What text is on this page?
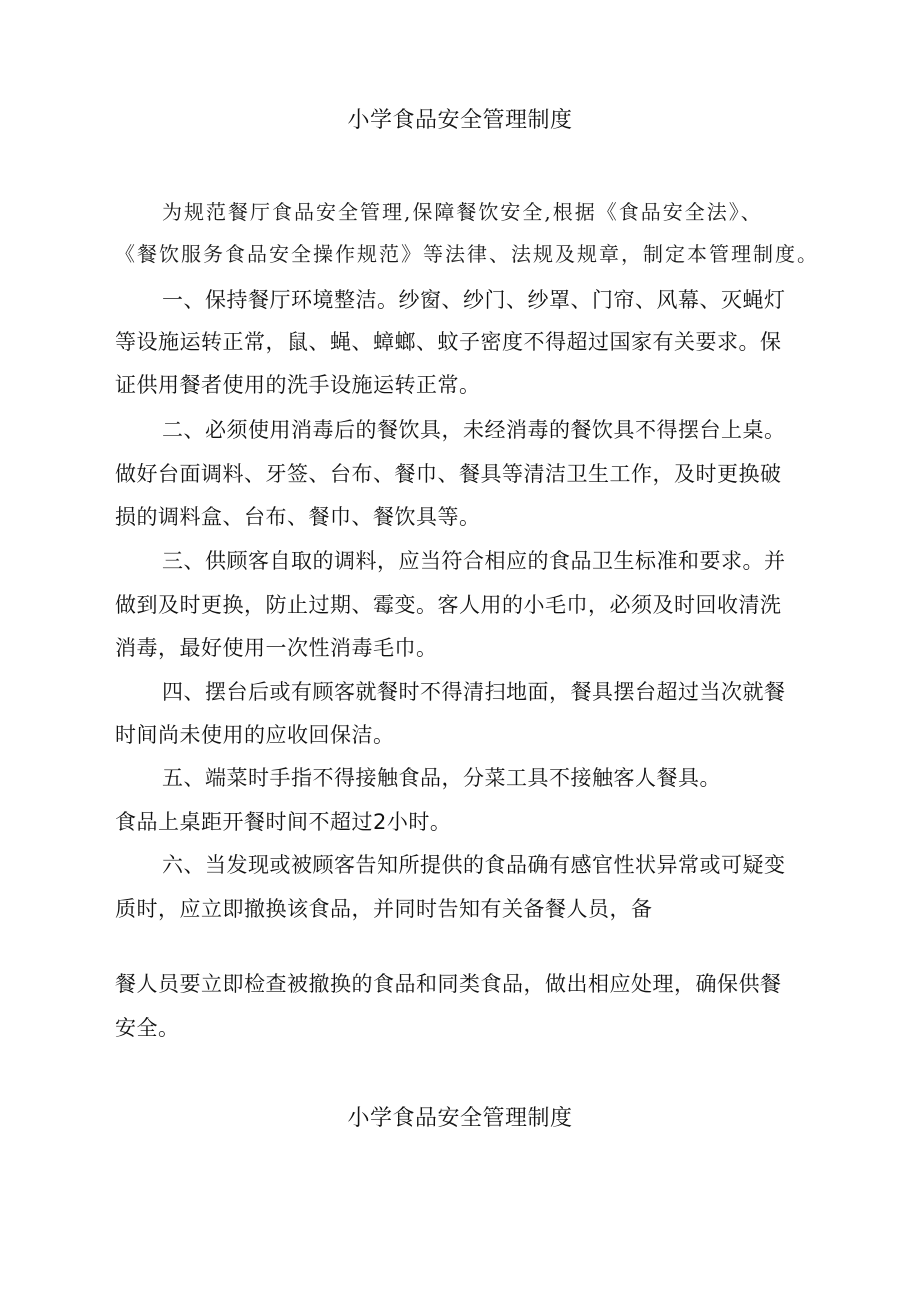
小学食品安全管理制度
为规范餐厅食品安全管理,保障餐饮安全,根据《食品安全法》、
《餐饮服务食品安全操作规范》等法律、法规及规章，制定本管理制度。
一、保持餐厅环境整洁。纱窗、纱门、纱罩、门帘、风幕、灭蝇灯
等设施运转正常，鼠、蝇、蟑螂、蚊子密度不得超过国家有关要求。保
证供用餐者使用的洗手设施运转正常。
二、必须使用消毒后的餐饮具，未经消毒的餐饮具不得摆台上桌。
做好台面调料、牙签、台布、餐巾、餐具等清洁卫生工作，及时更换破
损的调料盒、台布、餐巾、餐饮具等。
三、供顾客自取的调料，应当符合相应的食品卫生标准和要求。并
做到及时更换，防止过期、霉变。客人用的小毛巾，必须及时回收清洗
消毒，最好使用一次性消毒毛巾。
四、摆台后或有顾客就餐时不得清扫地面，餐具摆台超过当次就餐
时间尚未使用的应收回保洁。
五、端菜时手指不得接触食品，分菜工具不接触客人餐具。
食品上桌距开餐时间不超过2小时。
六、当发现或被顾客告知所提供的食品确有感官性状异常或可疑变
质时，应立即撤换该食品，并同时告知有关备餐人员，备
餐人员要立即检查被撤换的食品和同类食品，做出相应处理，确保供餐
安全。
小学食品安全管理制度
